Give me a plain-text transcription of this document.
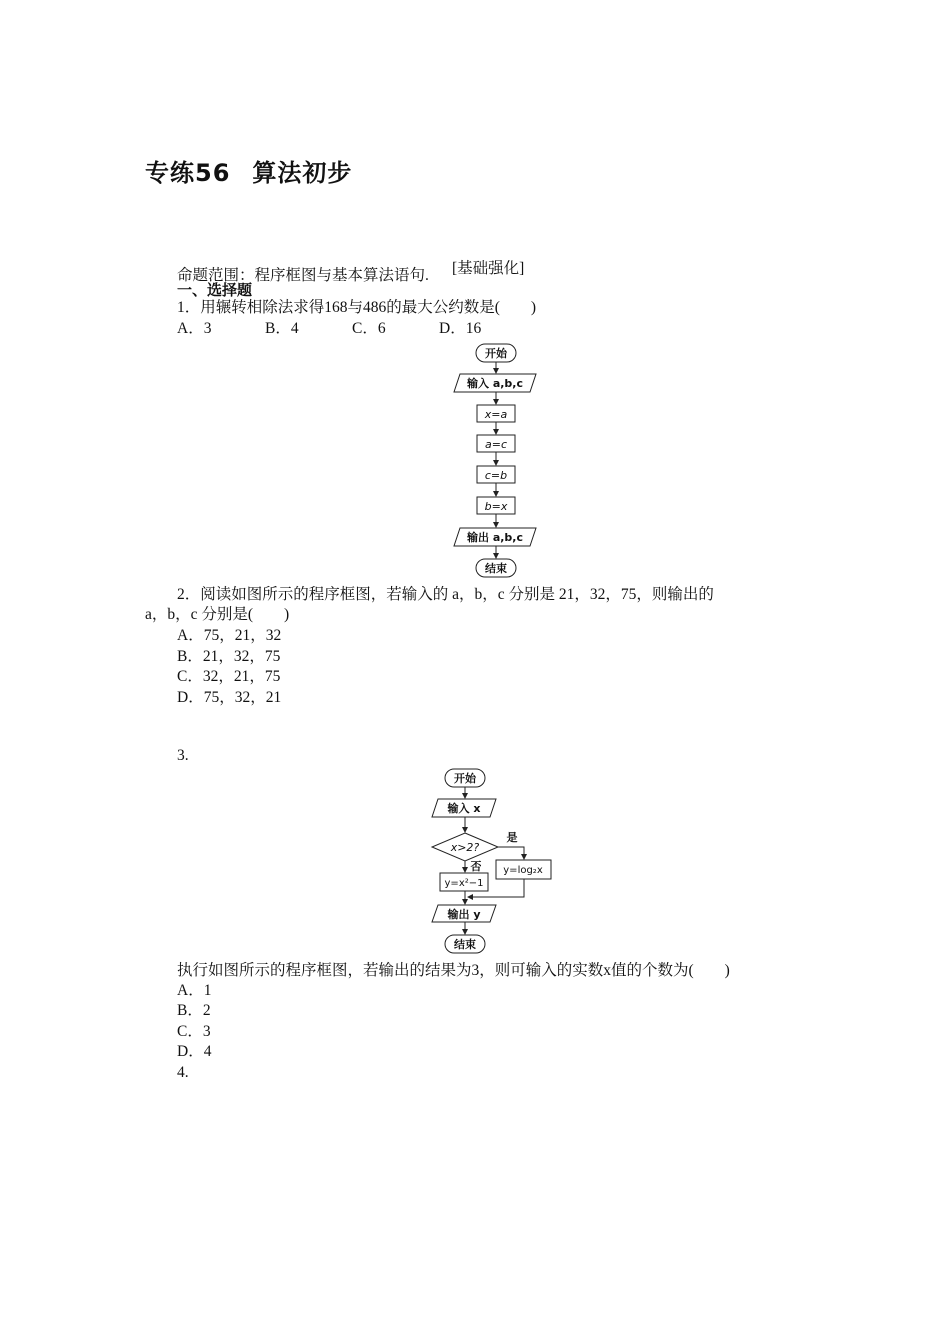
专练56 算法初步
命题范围：程序框图与基本算法语句. [基础强化]
一、选择题
1．用辗转相除法求得168与486的最大公约数是(　　)
A．3	B．4	C．6	D．16
开始
输入 a,b,c
x=a
a=c
c=b
b=x
输出 a,b,c
结束
2．阅读如图所示的程序框图，若输入的 a，b，c 分别是 21，32，75，则输出的
a，b，c 分别是(　　)
A．75，21，32
B．21，32，75
C．32，21，75
D．75，32，21
3.
开始
输入 x
x>2?
是
否 y=log₂x
y=x²−1
输出 y
结束
执行如图所示的程序框图，若输出的结果为3，则可输入的实数x值的个数为(　　)
A．1
B．2
C．3
D．4
4.
